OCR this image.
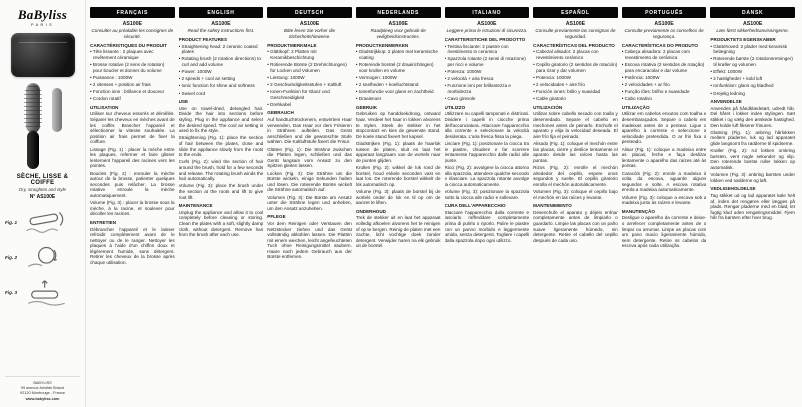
BaByliss
PARIS
SÈCHE, LISSE & COIFFE
Dry, straighten and style
N° AS100E
Fig. 1
Fig. 2
Fig. 3
BABYLISS
99 avenue Aristide Briand
92120 Montrouge - France
www.babyliss.com
FRANÇAIS
AS100E
Consulter au préalable les consignes de sécurité.
CARACTÉRISTIQUES DU PRODUIT
• Tête lissante : 2 plaques avec revêtement céramique
• Brosse rotative (2 sens de rotation) pour boucler et donner du volume
• Puissance : 1000W
• 2 vitesses + position air frais
• Fonction ions : brillance et douceur
• Cordon rotatif
UTILISATION
Utiliser sur cheveux essorés et démêlés. Séparer les cheveux en mèches avant de les coiffer. Brancher l'appareil et sélectionner la vitesse souhaitée. La position air frais permet de fixer la coiffure.
Lissage (Fig. 1) : placer la mèche entre les plaques, refermer et faire glisser lentement l'appareil des racines vers les pointes.
Boucles (Fig. 2) : enrouler la mèche autour de la brosse, patienter quelques secondes puis relâcher. La brosse rotative enroule la mèche automatiquement.
Volume (Fig. 3) : placer la brosse sous la mèche, à la racine, et soulever pour décoller les racines.
ENTRETIEN
Débrancher l'appareil et le laisser refroidir complètement avant de le nettoyer ou de le ranger. Nettoyer les plaques à l'aide d'un chiffon doux et légèrement humide, sans détergent. Retirer les cheveux de la brosse après chaque utilisation.
ENGLISH
AS100E
Read the safety instructions first.
PRODUCT FEATURES
• Straightening head: 2 ceramic coated plates
• Rotating brush (2 rotation directions) to curl and add volume
• Power: 1000W
• 2 speeds + cool air setting
• Ionic function for shine and softness
• Swivel cord
USE
Use on towel-dried, detangled hair. Divide the hair into sections before styling. Plug in the appliance and select the desired speed. The cool air setting is used to fix the style.
Straightening (Fig. 1): place the section of hair between the plates, close and slide the appliance slowly from the roots to the ends.
Curls (Fig. 2): wind the section of hair around the brush, hold for a few seconds and release. The rotating brush winds the hair automatically.
Volume (Fig. 3): place the brush under the section at the roots and lift to give root lift.
MAINTENANCE
Unplug the appliance and allow it to cool completely before cleaning or storing. Clean the plates with a soft, slightly damp cloth, without detergent. Remove hair from the brush after each use.
DEUTSCH
AS100E
Bitte lesen Sie vorher die Sicherheitshinweise.
PRODUKTMERKMALE
• Glättkopf: 2 Platten mit Keramikbeschichtung
• Rotierende Bürste (2 Drehrichtungen) für Locken und Volumen
• Leistung: 1000W
• 2 Geschwindigkeitsstufen + Kaltluft
• Ionen-Funktion für Glanz und Geschmeidigkeit
• Drehkabel
GEBRAUCH
Auf handtuchtrockenem, entwirrtem Haar verwenden. Das Haar vor dem Frisieren in Strähnen aufteilen. Das Gerät anschließen und die gewünschte Stufe wählen. Die Kaltluftstufe fixiert die Frisur.
Glätten (Fig. 1): Die Strähne zwischen die Platten legen, schließen und das Gerät langsam vom Ansatz zu den Spitzen gleiten lassen.
Locken (Fig. 2): Die Strähne um die Bürste wickeln, einige Sekunden halten und lösen. Die rotierende Bürste wickelt die Strähne automatisch auf.
Volumen (Fig. 3): Die Bürste am Ansatz unter die Strähne legen und anheben, um den Ansatz anzuheben.
PFLEGE
Vor dem Reinigen oder Verstauen den Netzstecker ziehen und das Gerät vollständig abkühlen lassen. Die Platten mit einem weichen, leicht angefeuchteten Tuch ohne Reinigungsmittel säubern. Haare nach jedem Gebrauch aus der Bürste entfernen.
NEDERLANDS
AS100E
Raadpleeg voor gebruik de veiligheidsinstructies.
PRODUCTKENMERKEN
• Gladstrijkkop: 2 platen met keramische coating
• Roterende borstel (2 draairichtingen) voor krullen en volume
• Vermogen: 1000W
• 2 snelheden + koelluchtstand
• Ionenfunctie voor glans en zachtheid
• Draaisnoer
GEBRUIK
Gebruiken op handdoekdroog, ontward haar. Verdeel het haar in lokken alvorens te stylen. Steek de stekker in het stopcontact en kies de gewenste stand. De koele stand fixeert het kapsel.
Gladstrijken (Fig. 1): plaats de haarlok tussen de platen, sluit en laat het apparaat langzaam van de wortels naar de punten glijden.
Krullen (Fig. 2): wikkel de lok rond de borstel, houd enkele seconden vast en laat los. De roterende borstel wikkelt de lok automatisch op.
Volume (Fig. 3): plaats de borstel bij de wortels onder de lok en til op om de aanzet te liften.
ONDERHOUD
Trek de stekker uit en laat het apparaat volledig afkoelen alvorens het te reinigen of op te bergen. Reinig de platen met een zachte, licht vochtige doek zonder detergent. Verwijder haren na elk gebruik uit de borstel.
ITALIANO
AS100E
Leggere prima le istruzioni di sicurezza.
CARATTERISTICHE DEL PRODOTTO
• Testina lisciante: 2 piastre con rivestimento in ceramica
• Spazzola rotante (2 sensi di rotazione) per ricci e volume
• Potenza: 1000W
• 2 velocità + aria fresca
• Funzione ioni per brillantezza e morbidezza
• Cavo girevole
UTILIZZO
Utilizzare su capelli tamponati e districati. Dividere i capelli in ciocche prima dell'acconciatura. Attaccare l'apparecchio alla corrente e selezionare la velocità desiderata. L'aria fresca fissa la piega.
Lisciare (Fig. 1): posizionare la ciocca tra le piastre, chiudere e far scorrere lentamente l'apparecchio dalle radici alle punte.
Ricci (Fig. 2): avvolgere la ciocca attorno alla spazzola, attendere qualche secondo e rilasciare. La spazzola rotante avvolge la ciocca automaticamente.
Volume (Fig. 3): posizionare la spazzola sotto la ciocca alle radici e sollevare.
CURA DELL'APPARECCHIO
Staccare l'apparecchio dalla corrente e lasciarlo raffreddare completamente prima di pulirlo o riporlo. Pulire le piastre con un panno morbido e leggermente umido, senza detergenti. Togliere i capelli dalla spazzola dopo ogni utilizzo.
ESPAÑOL
AS100E
Consulte previamente las consignas de seguridad.
CARACTERÍSTICAS DEL PRODUCTO
• Cabezal alisador: 2 placas con revestimiento cerámico
• Cepillo giratorio (2 sentidos de rotación) para rizar y dar volumen
• Potencia: 1000W
• 2 velocidades + aire frío
• Función iones: brillo y suavidad
• Cable giratorio
UTILIZACIÓN
Utilizar sobre cabello secado con toalla y desenredado. Separe el cabello en mechones antes de peinarlo. Enchufe el aparato y elija la velocidad deseada. El aire frío fija el peinado.
Alisado (Fig. 1): coloque el mechón entre las placas, cierre y deslice lentamente el aparato desde las raíces hasta las puntas.
Rizos (Fig. 2): enrolle el mechón alrededor del cepillo, espere unos segundos y suelte. El cepillo giratorio enrolla el mechón automáticamente.
Volumen (Fig. 3): coloque el cepillo bajo el mechón en las raíces y levante.
MANTENIMIENTO
Desenchufe el aparato y déjelo enfriar completamente antes de limpiarlo o guardarlo. Limpie las placas con un paño suave ligeramente húmedo, sin detergente. Retire el cabello del cepillo después de cada uso.
PORTUGUÊS
AS100E
Consulte previamente os conselhos de segurança.
CARACTERÍSTICAS DO PRODUTO
• Cabeça alisadora: 2 placas com revestimento de cerâmica
• Escova rotativa (2 sentidos de rotação) para encaracolar e dar volume
• Potência: 1000W
• 2 velocidades + ar frio
• Função iões: brilho e suavidade
• Cabo rotativo
UTILIZAÇÃO
Utilizar em cabelos enxutos com toalha e desembaraçados. Separe o cabelo em madeixas antes de o pentear. Ligue o aparelho à corrente e seleccione a velocidade pretendida. O ar frio fixa o penteado.
Alisar (Fig. 1): coloque a madeixa entre as placas, feche e faça deslizar lentamente o aparelho das raízes até às pontas.
Caracóis (Fig. 2): enrole a madeixa à volta da escova, aguarde alguns segundos e solte. A escova rotativa enrola a madeixa automaticamente.
Volume (Fig. 3): coloque a escova sob a madeixa junto às raízes e levante.
MANUTENÇÃO
Desligue o aparelho da corrente e deixe-o arrefecer completamente antes de o limpar ou arrumar. Limpe as placas com um pano macio ligeiramente húmido, sem detergente. Retire os cabelos da escova após cada utilização.
DANSK
AS100E
Læs først sikkerhedsanvisningerne.
PRODUKTETS EGENSKABER
• Glattehoved: 2 plader med keramisk belægning
• Roterende børste (2 rotationsretninger) til krøller og volumen
• Effekt: 1000W
• 2 hastigheder + kold luft
• Ionfunktion: glans og blødhed
• Drejelig ledning
ANVENDELSE
Anvendes på håndklædetørt, udredt hår. Del håret i lokker inden stylingen. Sæt stikket i og vælg den ønskede hastighed. Den kolde luft fikserer frisuren.
Glatning (Fig. 1): anbring hårlokken mellem pladerne, luk og lad apparatet glide langsomt fra rødderne til spidserne.
Krøller (Fig. 2): rul lokken omkring børsten, vent nogle sekunder og slip. Den roterende børste ruller lokken op automatisk.
Volumen (Fig. 3): anbring børsten under lokken ved rødderne og løft.
VEDLIGEHOLDELSE
Tag stikket ud og lad apparatet køle helt af, inden det rengøres eller lægges på plads. Rengør pladerne med en blød, let fugtig klud uden rengøringsmiddel. Fjern hår fra børsten efter hver brug.
